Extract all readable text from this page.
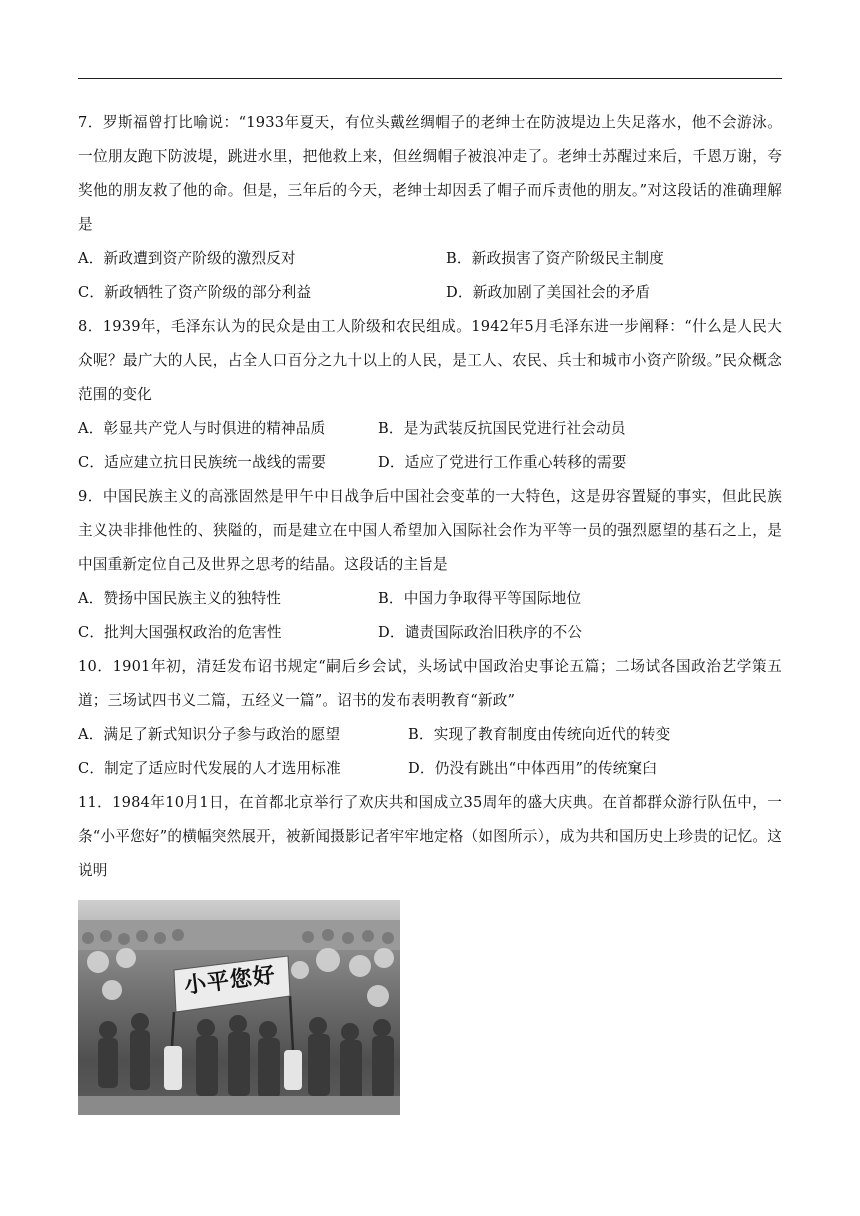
7．罗斯福曾打比喻说：“1933年夏天，有位头戴丝绸帽子的老绅士在防波堤边上失足落水，他不会游泳。一位朋友跑下防波堤，跳进水里，把他救上来，但丝绸帽子被浪冲走了。老绅士苏醒过来后，千恩万谢，夸奖他的朋友救了他的命。但是，三年后的今天，老绅士却因丢了帽子而斥责他的朋友。”对这段话的准确理解是

A．新政遭到资产阶级的激烈反对	B．新政损害了资产阶级民主制度
C．新政牺牲了资产阶级的部分利益	D．新政加剧了美国社会的矛盾

8．1939年，毛泽东认为的民众是由工人阶级和农民组成。1942年5月毛泽东进一步阐释：“什么是人民大众呢？最广大的人民，占全人口百分之九十以上的人民，是工人、农民、兵士和城市小资产阶级。”民众概念范围的变化

A．彰显共产党人与时俱进的精神品质	B．是为武装反抗国民党进行社会动员
C．适应建立抗日民族统一战线的需要	D．适应了党进行工作重心转移的需要

9．中国民族主义的高涨固然是甲午中日战争后中国社会变革的一大特色，这是毋容置疑的事实，但此民族主义决非排他性的、狭隘的，而是建立在中国人希望加入国际社会作为平等一员的强烈愿望的基石之上，是中国重新定位自己及世界之思考的结晶。这段话的主旨是

A．赞扬中国民族主义的独特性	B．中国力争取得平等国际地位
C．批判大国强权政治的危害性	D．谴责国际政治旧秩序的不公

10．1901年初，清廷发布诏书规定“嗣后乡会试，头场试中国政治史事论五篇；二场试各国政治艺学策五道；三场试四书义二篇，五经义一篇”。诏书的发布表明教育“新政”

A．满足了新式知识分子参与政治的愿望	B．实现了教育制度由传统向近代的转变
C．制定了适应时代发展的人才选用标准	D．仍没有跳出“中体西用”的传统窠臼

11．1984年10月1日，在首都北京举行了欢庆共和国成立35周年的盛大庆典。在首都群众游行队伍中，一条“小平您好”的横幅突然展开，被新闻摄影记者牢牢地定格（如图所示），成为共和国历史上珍贵的记忆。这说明

小平您好
